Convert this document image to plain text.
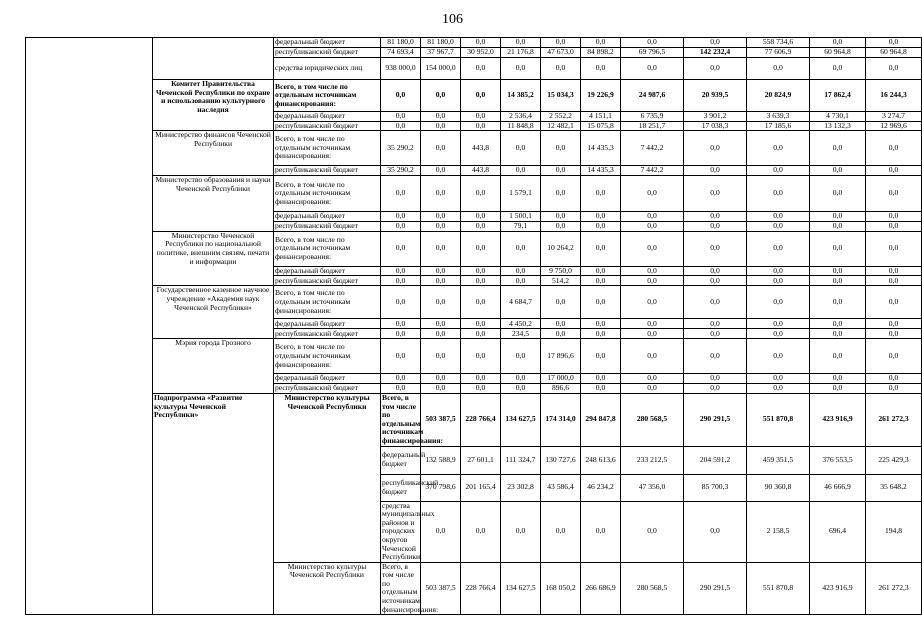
106
		федеральный бюджет	81 180,0	81 180,0	0,0	0,0	0,0	0,0	0,0	0,0	558 734,6	0,0	0,0	
		республиканский бюджет	74 693,4	37 967,7	30 952,0	21 176,8	47 673,0	84 898,2	69 796,5	142 232,4	77 606,9	60 964,8	60 964,8	
		средства юридических лиц	938 000,0	154 000,0	0,0	0,0	0,0	0,0	0,0	0,0	0,0	0,0	0,0	
	Комитет Правительства Чеченской Республики по охране и использованию культурного наследия	Всего, в том числе по отдельным источникам финансирования:	0,0	0,0	0,0	14 385,2	15 034,3	19 226,9	24 987,6	20 939,5	20 824,9	17 862,4	16 244,3	
		федеральный бюджет	0,0	0,0	0,0	2 536,4	2 552,2	4 151,1	6 735,9	3 901,2	3 639,3	4 730,1	3 274,7	
		республиканский бюджет	0,0	0,0	0,0	11 848,8	12 482,1	15 075,8	18 251,7	17 038,3	17 185,6	13 132,3	12 969,6	
	Министерство финансов Чеченской Республики	Всего, в том числе по отдельным источникам финансирования:	35 290,2	0,0	443,8	0,0	0,0	14 435,3	7 442,2	0,0	0,0	0,0	0,0	
		республиканский бюджет	35 290,2	0,0	443,8	0,0	0,0	14 435,3	7 442,2	0,0	0,0	0,0	0,0	
	Министерство образования и науки Чеченской Республики	Всего, в том числе по отдельным источникам финансирования:	0,0	0,0	0,0	1 579,1	0,0	0,0	0,0	0,0	0,0	0,0	0,0	
		федеральный бюджет	0,0	0,0	0,0	1 500,1	0,0	0,0	0,0	0,0	0,0	0,0	0,0	
		республиканский бюджет	0,0	0,0	0,0	79,1	0,0	0,0	0,0	0,0	0,0	0,0	0,0	
	Министерство Чеченской Республики по национальной политике, внешним связям, печати и информации	Всего, в том числе по отдельным источникам финансирования:	0,0	0,0	0,0	0,0	10 264,2	0,0	0,0	0,0	0,0	0,0	0,0	
		федеральный бюджет	0,0	0,0	0,0	0,0	9 750,0	0,0	0,0	0,0	0,0	0,0	0,0	
		республиканский бюджет	0,0	0,0	0,0	0,0	514,2	0,0	0,0	0,0	0,0	0,0	0,0	
	Государственное казенное научное учреждение «Академия наук Чеченской Республики»	Всего, в том числе по отдельным источникам финансирования:	0,0	0,0	0,0	4 684,7	0,0	0,0	0,0	0,0	0,0	0,0	0,0	
		федеральный бюджет	0,0	0,0	0,0	4 450,2	0,0	0,0	0,0	0,0	0,0	0,0	0,0	
		республиканский бюджет	0,0	0,0	0,0	234,5	0,0	0,0	0,0	0,0	0,0	0,0	0,0	
	Мэрия города Грозного	Всего, в том числе по отдельным источникам финансирования:	0,0	0,0	0,0	0,0	17 896,6	0,0	0,0	0,0	0,0	0,0	0,0	
		федеральный бюджет	0,0	0,0	0,0	0,0	17 000,0	0,0	0,0	0,0	0,0	0,0	0,0	
		республиканский бюджет	0,0	0,0	0,0	0,0	896,6	0,0	0,0	0,0	0,0	0,0	0,0	
	Подпрограмма «Развитие культуры Чеченской Республики»	Министерство культуры Чеченской Республики	Всего, в том числе по отдельным источникам финансирования:	503 387,5	228 766,4	134 627,5	174 314,0	294 847,8	280 568,5	290 291,5	551 870,8	423 916,9	261 272,3	
			федеральный бюджет	132 588,9	27 601,1	111 324,7	130 727,6	248 613,6	233 212,5	204 591,2	459 351,5	376 553,5	225 429,3	
			республиканский бюджет	370 798,6	201 165,4	23 302,8	43 586,4	46 234,2	47 356,0	85 700,3	90 360,8	46 666,9	35 648,2	
			средства муниципальных районов и городских округов Чеченской Республики	0,0	0,0	0,0	0,0	0,0	0,0	0,0	2 158,5	696,4	194,8	
		Министерство культуры Чеченской Республики	Всего, в том числе по отдельным источникам финансирования:	503 387,5	228 766,4	134 627,5	168 050,2	266 686,9	280 568,5	290 291,5	551 870,8	423 916,9	261 272,3	
